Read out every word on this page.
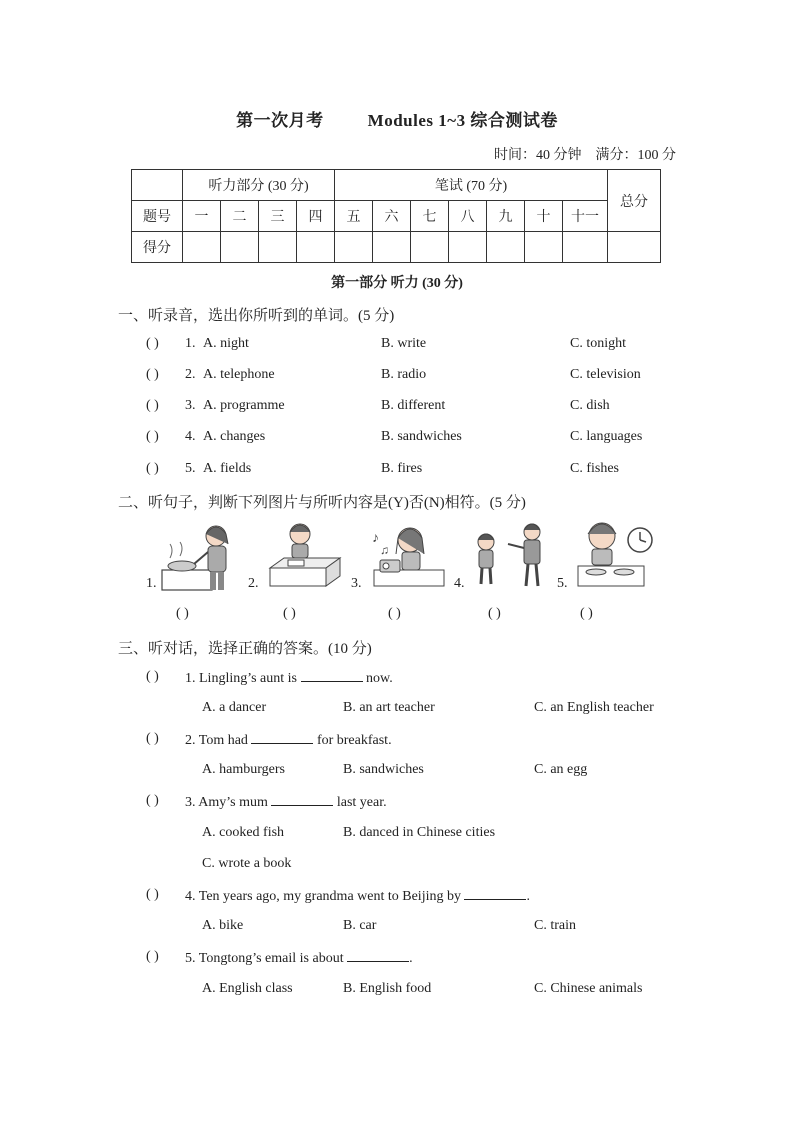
第一次月考	Modules 1~3 综合测试卷
时间：40 分钟 满分：100 分
	听力部分 (30 分)				笔试 (70 分)							总分
题号	一	二	三	四	五	六	七	八	九	十	十一	
得分												
第一部分 听力 (30 分)
一、听录音，选出你所听到的单词。(5 分)
( ) 1. A. night	B. write	C. tonight
( ) 2. A. telephone	B. radio	C. television
( ) 3. A. programme	B. different	C. dish
( ) 4. A. changes	B. sandwiches	C. languages
( ) 5. A. fields	B. fires	C. fishes
二、听句子，判断下列图片与所听内容是(Y)否(N)相符。(5 分)
1.
( )
2.
( )
3.
♪
♫
( )
4.
( )
5.
( )
三、听对话，选择正确的答案。(10 分)
( ) 1. Lingling’s aunt is	now.
A. a dancer	B. an art teacher	C. an English teacher
( ) 2. Tom had	for breakfast.
A. hamburgers	B. sandwiches	C. an egg
( ) 3. Amy’s mum	last year.
A. cooked fish	B. danced in Chinese cities
C. wrote a book
( ) 4. Ten years ago, my grandma went to Beijing by	.
A. bike	B. car	C. train
( ) 5. Tongtong’s email is about	.
A. English class	B. English food	C. Chinese animals
